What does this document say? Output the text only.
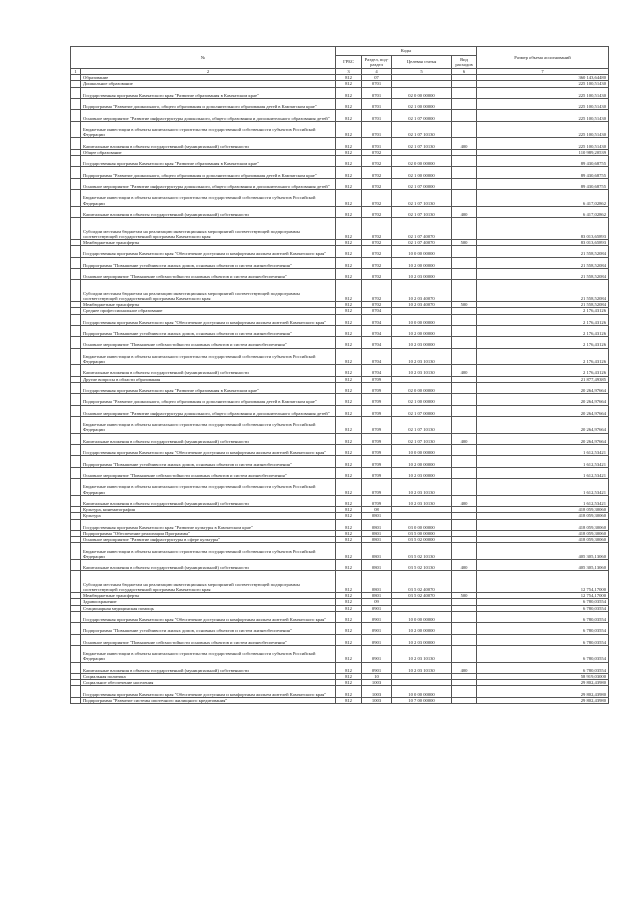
№		Коды				Размер объема ассигнований
		ГРБС	Раздел, под-раздел	Целевая статья	Вид расходов	
1	2	3	4	5	6	7
	Образование	812	07			360 143,64480
	Дошкольное образование	812	0701			225 100,51430
	Государственная программа Камчатского края "Развитие образования в Камчатском крае"	812	0701	02 0 00 00000		225 100,51430
	Подпрограмма "Развитие дошкольного, общего образования и дополнительного образования детей в Камчатском крае"	812	0701	02 1 00 00000		225 100,51430
	Основное мероприятие "Развитие инфраструктуры дошкольного, общего образования и дополнительного образования детей"	812	0701	02 1 07 00000		225 100,51430
	Бюджетные инвестиции в объекты капитального строительства государственной собственности субъектов Российской Федерации	812	0701	02 1 07 10130		225 100,51430
	Капитальные вложения в объекты государственной (муниципальной) собственности	812	0701	02 1 07 10130	400	225 100,51430
	Общее образование	812	0702			110 989,20539
	Государственная программа Камчатского края "Развитие образования в Камчатском крае"	812	0702	02 0 00 00000		89 430,68755
	Подпрограмма "Развитие дошкольного, общего образования и дополнительного образования детей в Камчатском крае"	812	0702	02 1 00 00000		89 430,68755
	Основное мероприятие "Развитие инфраструктуры дошкольного, общего образования и дополнительного образования детей"	812	0702	02 1 07 00000		89 430,68755
	Бюджетные инвестиции в объекты капитального строительства государственной собственности субъектов Российской Федерации	812	0702	02 1 07 10130		6 417,02862
	Капитальные вложения в объекты государственной (муниципальной) собственности	812	0702	02 1 07 10130	400	6 417,02862
	Субсидии местным бюджетам на реализацию инвестиционных мероприятий соответствующей подпрограммы соответствующей государственной программы Камчатского края	812	0702	02 1 07 40070		83 013,65893
	Межбюджетные трансферты	812	0702	02 1 07 40070	500	83 013,65893
	Государственная программа Камчатского края "Обеспечение доступным и комфортным жильем жителей Камчатского края"	812	0702	10 0 00 00000		21 558,52084
	Подпрограмма "Повышение устойчивости жилых домов, основных объектов и систем жизнеобеспечения"	812	0702	10 2 00 00000		21 558,52084
	Основное мероприятие "Повышение сейсмостойкости основных объектов и систем жизнеобеспечения"	812	0702	10 2 03 00000		21 558,52084
	Субсидии местным бюджетам на реализацию инвестиционных мероприятий соответствующей подпрограммы соответствующей государственной программы Камчатского края	812	0702	10 2 03 40070		21 558,52084
	Межбюджетные трансферты	812	0702	10 2 03 40070	500	21 558,52084
	Среднее профессиональное образование	812	0704			2 176,43126
	Государственная программа Камчатского края "Обеспечение доступным и комфортным жильем жителей Камчатского края"	812	0704	10 0 00 00000		2 176,43126
	Подпрограмма "Повышение устойчивости жилых домов, основных объектов и систем жизнеобеспечения"	812	0704	10 2 00 00000		2 176,43126
	Основное мероприятие "Повышение сейсмостойкости основных объектов и систем жизнеобеспечения"	812	0704	10 2 03 00000		2 176,43126
	Бюджетные инвестиции в объекты капитального строительства государственной собственности субъектов Российской Федерации	812	0704	10 2 03 10130		2 176,43126
	Капитальные вложения в объекты государственной (муниципальной) собственности	812	0704	10 2 03 10130	400	2 176,43126
	Другие вопросы в области образования	812	0709			21 877,49385
	Государственная программа Камчатского края "Развитие образования в Камчатском крае"	812	0709	02 0 00 00000		20 264,97664
	Подпрограмма "Развитие дошкольного, общего образования и дополнительного образования детей в Камчатском крае"	812	0709	02 1 00 00000		20 264,97664
	Основное мероприятие "Развитие инфраструктуры дошкольного, общего образования и дополнительного образования детей"	812	0709	02 1 07 00000		20 264,97664
	Бюджетные инвестиции в объекты капитального строительства государственной собственности субъектов Российской Федерации	812	0709	02 1 07 10130		20 264,97664
	Капитальные вложения в объекты государственной (муниципальной) собственности	812	0709	02 1 07 10130	400	20 264,97664
	Государственная программа Камчатского края "Обеспечение доступным и комфортным жильем жителей Камчатского края"	812	0709	10 0 00 00000		1 612,53421
	Подпрограмма "Повышение устойчивости жилых домов, основных объектов и систем жизнеобеспечения"	812	0709	10 2 00 00000		1 612,53421
	Основное мероприятие "Повышение сейсмостойкости основных объектов и систем жизнеобеспечения"	812	0709	10 2 03 00000		1 612,53421
	Бюджетные инвестиции в объекты капитального строительства государственной собственности субъектов Российской Федерации	812	0709	10 2 03 10130		1 612,53421
	Капитальные вложения в объекты государственной (муниципальной) собственности	812	0709	10 2 03 10130	400	1 612,53421
	Культура, кинематография	812	08			418 059,30060
	Культура	812	0801			418 059,30060
	Государственная программа Камчатского края "Развитие культуры в Камчатском крае"	812	0801	03 0 00 00000		418 059,30060
	Подпрограмма "Обеспечение реализации Программы"	812	0801	03 5 00 00000		418 059,30060
	Основное мероприятие "Развитие инфраструктуры в сфере культуры"	812	0801	03 5 02 00000		418 059,30060
	Бюджетные инвестиции в объекты капитального строительства государственной собственности субъектов Российской Федерации	812	0801	03 5 02 10130		405 305,13060
	Капитальные вложения в объекты государственной (муниципальной) собственности	812	0801	03 5 02 10130	400	405 305,13060
	Субсидии местным бюджетам на реализацию инвестиционных мероприятий соответствующей подпрограммы соответствующей государственной программы Камчатского края	812	0801	03 5 02 40070		12 754,17000
	Межбюджетные трансферты	812	0801	03 5 02 40070	500	12 754,17000
	Здравоохранение	812	09			6 780,03554
	Стационарная медицинская помощь	812	0901			6 780,03554
	Государственная программа Камчатского края "Обеспечение доступным и комфортным жильем жителей Камчатского края"	812	0901	10 0 00 00000		6 780,03554
	Подпрограмма "Повышение устойчивости жилых домов, основных объектов и систем жизнеобеспечения"	812	0901	10 2 00 00000		6 780,03554
	Основное мероприятие "Повышение сейсмостойкости основных объектов и систем жизнеобеспечения"	812	0901	10 2 03 00000		6 780,03554
	Бюджетные инвестиции в объекты капитального строительства государственной собственности субъектов Российской Федерации	812	0901	10 2 03 10130		6 780,03554
	Капитальные вложения в объекты государственной (муниципальной) собственности	812	0901	10 2 03 10130	400	6 780,03554
	Социальная политика	812	10			58 919,03000
	Социальное обеспечение населения	812	1003			29 802,43980
	Государственная программа Камчатского края "Обеспечение доступным и комфортным жильем жителей Камчатского края"	812	1003	10 0 00 00000		29 802,43980
	Подпрограмма "Развитие системы ипотечного жилищного кредитования"	812	1003	10 7 00 00000		29 802,43980
